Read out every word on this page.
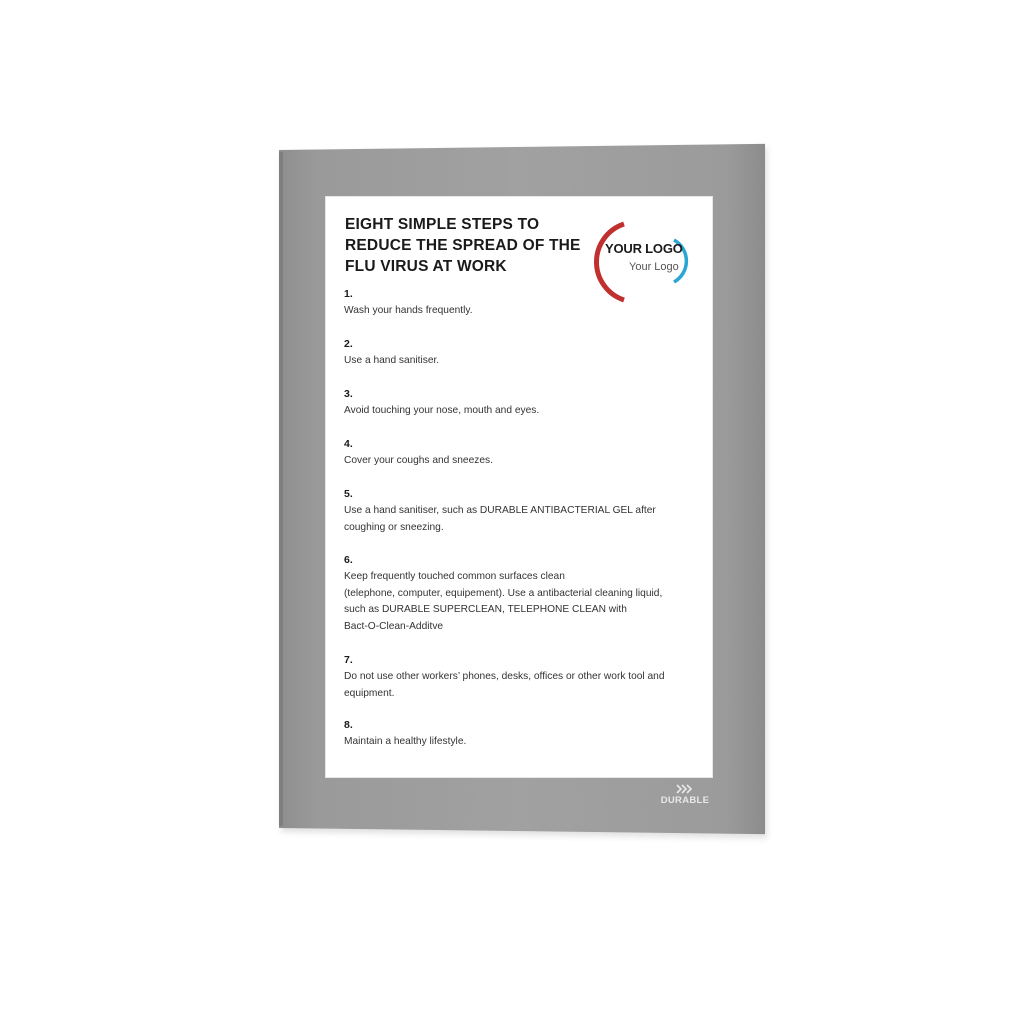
EIGHT SIMPLE STEPS TO REDUCE THE SPREAD OF THE FLU VIRUS AT WORK
YOUR LOGO
Your Logo
1.
Wash your hands frequently.
2.
Use a hand sanitiser.
3.
Avoid touching your nose, mouth and eyes.
4.
Cover your coughs and sneezes.
5.
Use a hand sanitiser, such as DURABLE ANTIBACTERIAL GEL after
coughing or sneezing.
6.
Keep frequently touched common surfaces clean
(telephone, computer, equipement). Use a antibacterial cleaning liquid,
such as DURABLE SUPERCLEAN, TELEPHONE CLEAN with
Bact-O-Clean-Additve
7.
Do not use other workers’ phones, desks, offices or other work tool and
equipment.
8.
Maintain a healthy lifestyle.
DURABLE
